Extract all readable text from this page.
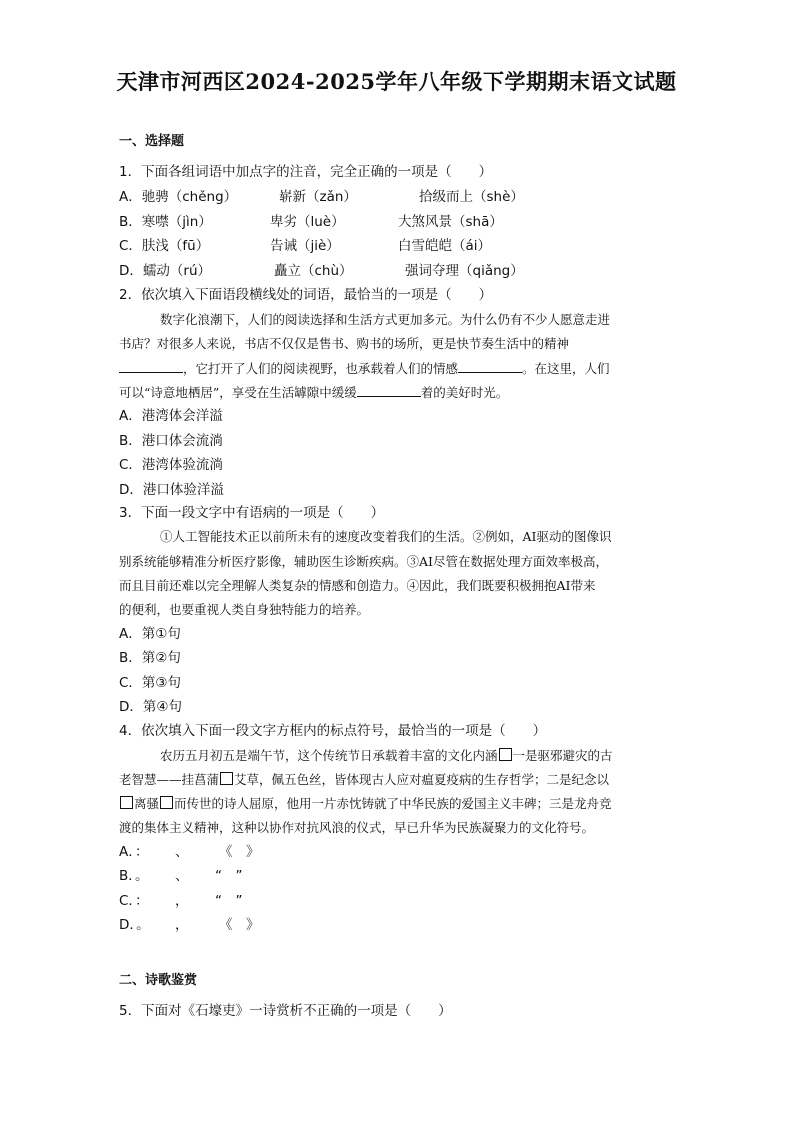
天津市河西区2024-2025学年八年级下学期期末语文试题
一、选择题
1．下面各组词语中加点字的注音，完全正确的一项是（　　）
A．驰骋（chěng）	崭新（zǎn）	拾级而上（shè）
B．寒噤（jìn）	卑劣（luè）	大煞风景（shā）
C．肤浅（fū）	告诫（jiè）	白雪皑皑（ái）
D．蠕动（rú）	矗立（chù）	强词夺理（qiǎng）
2．依次填入下面语段横线处的词语，最恰当的一项是（　　）
数字化浪潮下，人们的阅读选择和生活方式更加多元。为什么仍有不少人愿意走进
书店？对很多人来说，书店不仅仅是售书、购书的场所，更是快节奏生活中的精神
，它打开了人们的阅读视野，也承载着人们的情感	。在这里，人们
可以“诗意地栖居”，享受在生活罅隙中缓缓	着的美好时光。
A．港湾体会洋溢
B．港口体会流淌
C．港湾体验流淌
D．港口体验洋溢
3．下面一段文字中有语病的一项是（　　）
①人工智能技术正以前所未有的速度改变着我们的生活。②例如，AI驱动的图像识
别系统能够精准分析医疗影像，辅助医生诊断疾病。③AI尽管在数据处理方面效率极高，
而且目前还难以完全理解人类复杂的情感和创造力。④因此，我们既要积极拥抱AI带来
的便利，也要重视人类自身独特能力的培养。
A．第①句
B．第②句
C．第③句
D．第④句
4．依次填入下面一段文字方框内的标点符号，最恰当的一项是（　　）
农历五月初五是端午节，这个传统节日承载着丰富的文化内涵 一是驱邪避灾的古
老智慧——挂菖蒲 艾草，佩五色丝，皆体现古人应对瘟夏疫病的生存哲学；二是纪念以
离骚 而传世的诗人屈原，他用一片赤忱铸就了中华民族的爱国主义丰碑；三是龙舟竞
渡的集体主义精神，这种以协作对抗风浪的仪式，早已升华为民族凝聚力的文化符号。
A．： 、 《　》
B．。 、 “　”
C．： ， “　”
D．。 ， 《　》
二、诗歌鉴赏
5．下面对《石壕吏》一诗赏析不正确的一项是（　　）
